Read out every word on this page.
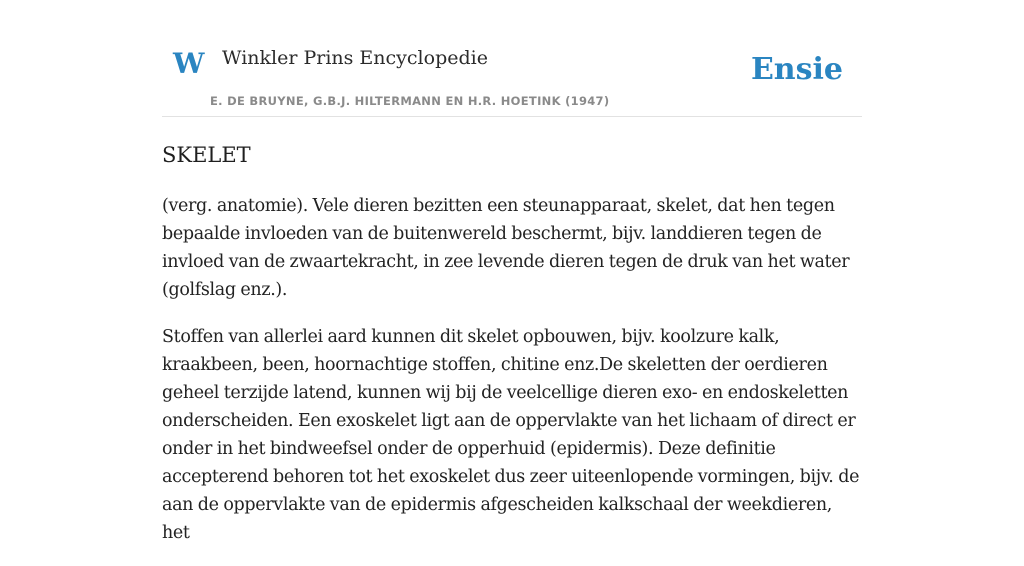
W Winkler Prins Encyclopedie
E. DE BRUYNE, G.B.J. HILTERMANN EN H.R. HOETINK (1947)
Ensie
SKELET

(verg. anatomie). Vele dieren bezitten een steunapparaat, skelet, dat hen tegen bepaalde invloeden van de buitenwereld beschermt, bijv. landdieren tegen de invloed van de zwaartekracht, in zee levende dieren tegen de druk van het water (golfslag enz.).

Stoffen van allerlei aard kunnen dit skelet opbouwen, bijv. koolzure kalk, kraakbeen, been, hoornachtige stoffen, chitine enz.De skeletten der oerdieren geheel terzijde latend, kunnen wij bij de veelcellige dieren exo- en endoskeletten onderscheiden. Een exoskelet ligt aan de oppervlakte van het lichaam of direct er onder in het bindweefsel onder de opperhuid (epidermis). Deze definitie accepterend behoren tot het exoskelet dus zeer uiteenlopende vormingen, bijv. de aan de oppervlakte van de epidermis afgescheiden kalkschaal der weekdieren, het
